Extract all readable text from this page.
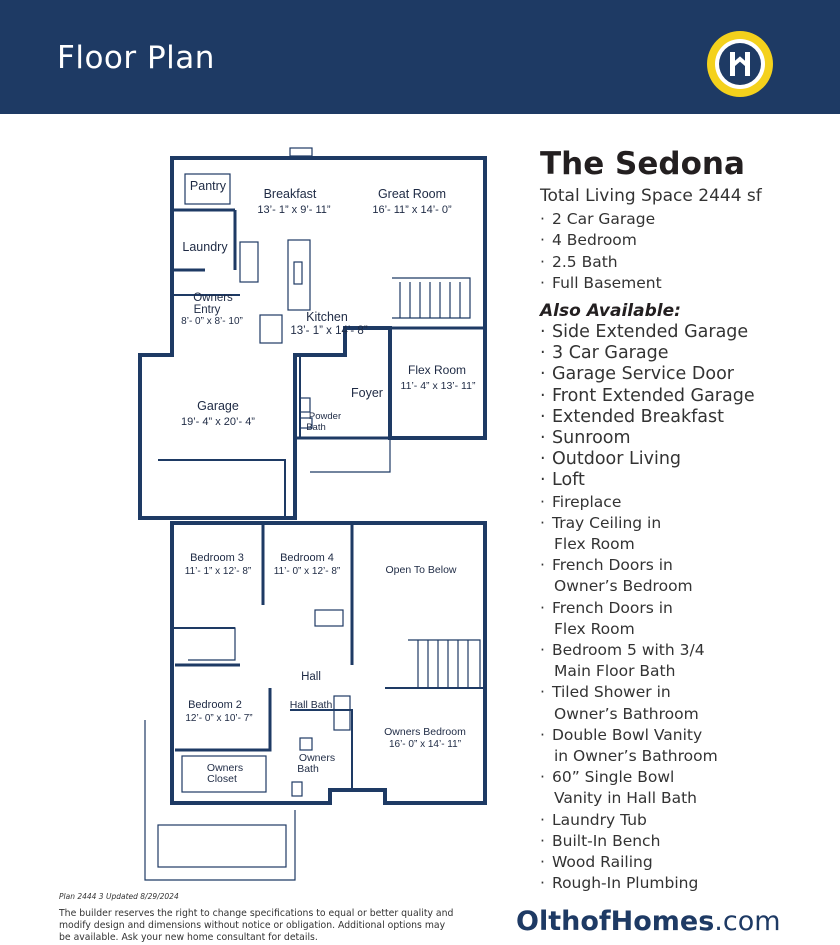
Floor Plan
Pantry
Breakfast
13’- 1” x 9’- 11”
Great Room
16’- 11” x 14’- 0”
Laundry
Owners
Entry
8’- 0” x 8’- 10”	Kitchen
13’- 1” x 14’- 8”
Flex Room
11’- 4” x 13’- 11”
Garage
19’- 4” x 20’- 4”
Foyer
Powder
Bath
Bedroom 3
11’- 1” x 12’- 8”
Bedroom 4
11’- 0” x 12’- 8”	Open To Below
Hall
Bedroom 2
12’- 0” x 10’- 7”
Hall Bath
Owners Bedroom
16’- 0” x 14’- 11”
Owners
Closet
Owners
Bath
The Sedona
Total Living Space 2444 sf
· 2 Car Garage
· 4 Bedroom
· 2.5 Bath
· Full Basement
Also Available:
· Side Extended Garage
· 3 Car Garage
· Garage Service Door
· Front Extended Garage
· Extended Breakfast
· Sunroom
· Outdoor Living
· Loft
· Fireplace
· Tray Ceiling in
Flex Room
· French Doors in
Owner’s Bedroom
· French Doors in
Flex Room
· Bedroom 5 with 3/4
Main Floor Bath
· Tiled Shower in
Owner’s Bathroom
· Double Bowl Vanity
in Owner’s Bathroom
· 60” Single Bowl
Vanity in Hall Bath
· Laundry Tub
· Built-In Bench
· Wood Railing
· Rough-In Plumbing
Plan 2444 3 Updated 8/29/2024
The builder reserves the right to change specifications to equal or better quality and modify design and dimensions without notice or obligation. Additional options may be available. Ask your new home consultant for details.
OlthofHomes.com
